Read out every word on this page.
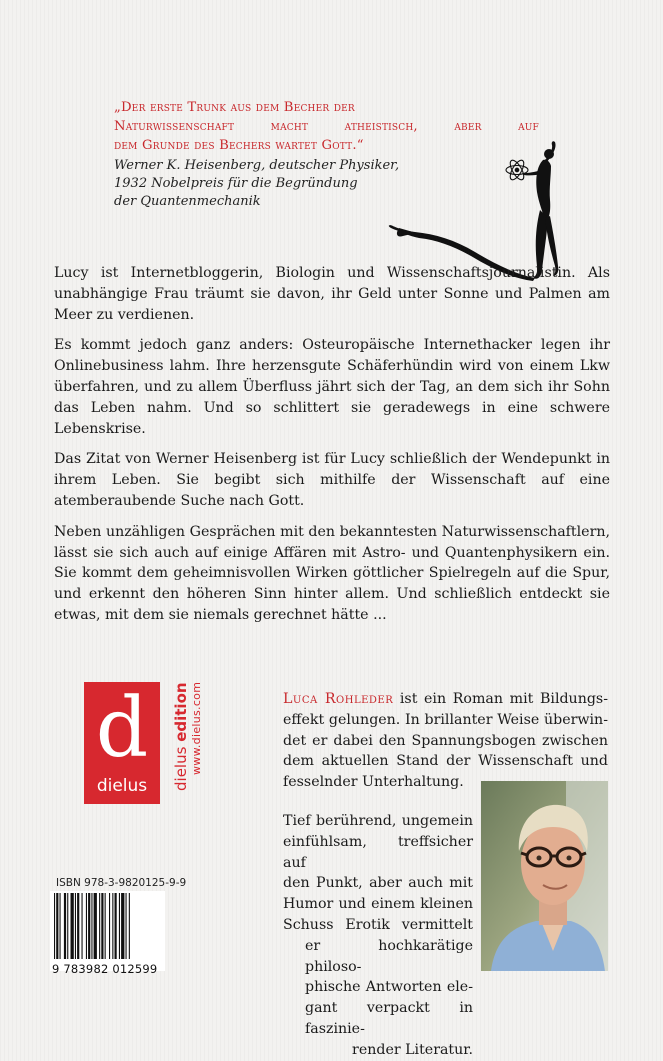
„Der erste Trunk aus dem Becher der
Naturwissenschaft macht atheistisch, aber auf
dem Grunde des Bechers wartet Gott.“
Werner K. Heisenberg, deutscher Physiker,
1932 Nobelpreis für die Begründung
der Quantenmechanik

Lucy ist Internetbloggerin, Biologin und Wissenschaftsjournalistin. Als unabhängige Frau träumt sie davon, ihr Geld unter Sonne und Palmen am Meer zu verdienen.

Es kommt jedoch ganz anders: Osteuropäische Internethacker legen ihr Onlinebusiness lahm. Ihre herzensgute Schäferhündin wird von einem Lkw überfahren, und zu allem Überfluss jährt sich der Tag, an dem sich ihr Sohn das Leben nahm. Und so schlittert sie geradewegs in eine schwere Lebenskrise.

Das Zitat von Werner Heisenberg ist für Lucy schließlich der Wendepunkt in ihrem Leben. Sie begibt sich mithilfe der Wissenschaft auf eine atemberaubende Suche nach Gott.

Neben unzähligen Gesprächen mit den bekanntesten Naturwissenschaftlern, lässt sie sich auch auf einige Affären mit Astro- und Quantenphysikern ein. Sie kommt dem geheimnisvollen Wirken göttlicher Spielregeln auf die Spur, und erkennt den höheren Sinn hinter allem. Und schließlich entdeckt sie etwas, mit dem sie niemals gerechnet hätte ...

d
dielus	dielus edition www.dielus.com
ISBN 978-3-9820125-9-9
9 783982 012599

Luca Rohleder ist ein Roman mit Bildungseffekt gelungen. In brillanter Weise überwindet er dabei den Spannungsbogen zwischen dem aktuellen Stand der Wissenschaft und fesselnder Unterhaltung.

Tief berührend, ungemein
einfühlsam, treffsicher auf
den Punkt, aber auch mit
Humor und einem kleinen
Schuss Erotik vermittelt
er hochkarätige philoso-
phische Antworten ele-
gant verpackt in faszinie-
render Literatur.
